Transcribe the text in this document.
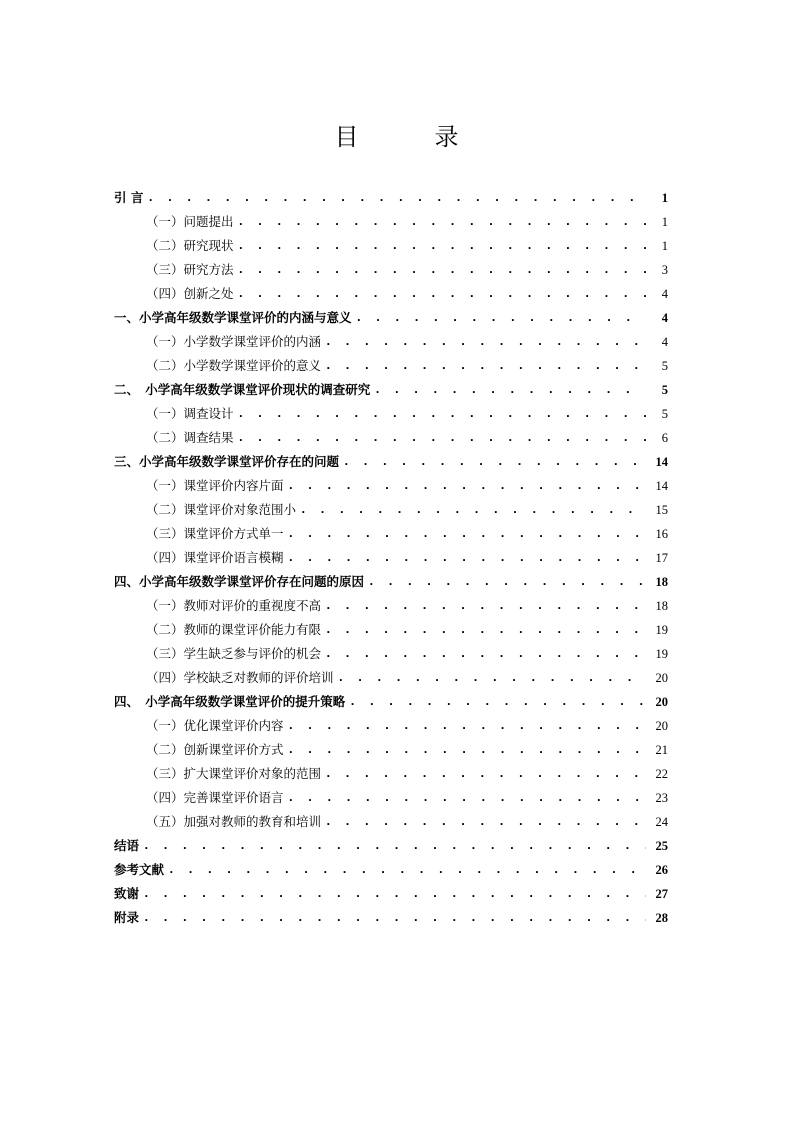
目　录
引 言 . . .	1
（一）问题提出 . . .	1
（二）研究现状 . . .	1
（三）研究方法 . . .	3
（四）创新之处 . . .	4
一、小学高年级数学课堂评价的内涵与意义 . . .	4
（一）小学数学课堂评价的内涵 . . .	4
（二）小学数学课堂评价的意义 . . .	5
二、　小学高年级数学课堂评价现状的调查研究 . . .	5
（一）调查设计 . . .	5
（二）调查结果 . . .	6
三、小学高年级数学课堂评价存在的问题 . . .	14
（一）课堂评价内容片面 . . .	14
（二）课堂评价对象范围小 . . .	15
（三）课堂评价方式单一 . . .	16
（四）课堂评价语言模糊 . . .	17
四、小学高年级数学课堂评价存在问题的原因 . . .	18
（一）教师对评价的重视度不高 . . .	18
（二）教师的课堂评价能力有限 . . .	19
（三）学生缺乏参与评价的机会 . . .	19
（四）学校缺乏对教师的评价培训 . . .	20
四、　小学高年级数学课堂评价的提升策略 . . .	20
（一）优化课堂评价内容 . . .	20
（二）创新课堂评价方式 . . .	21
（三）扩大课堂评价对象的范围 . . .	22
（四）完善课堂评价语言 . . .	23
（五）加强对教师的教育和培训 . . .	24
结语 . . .	25
参考文献 . . .	26
致谢 . . .	27
附录 . . .	28
